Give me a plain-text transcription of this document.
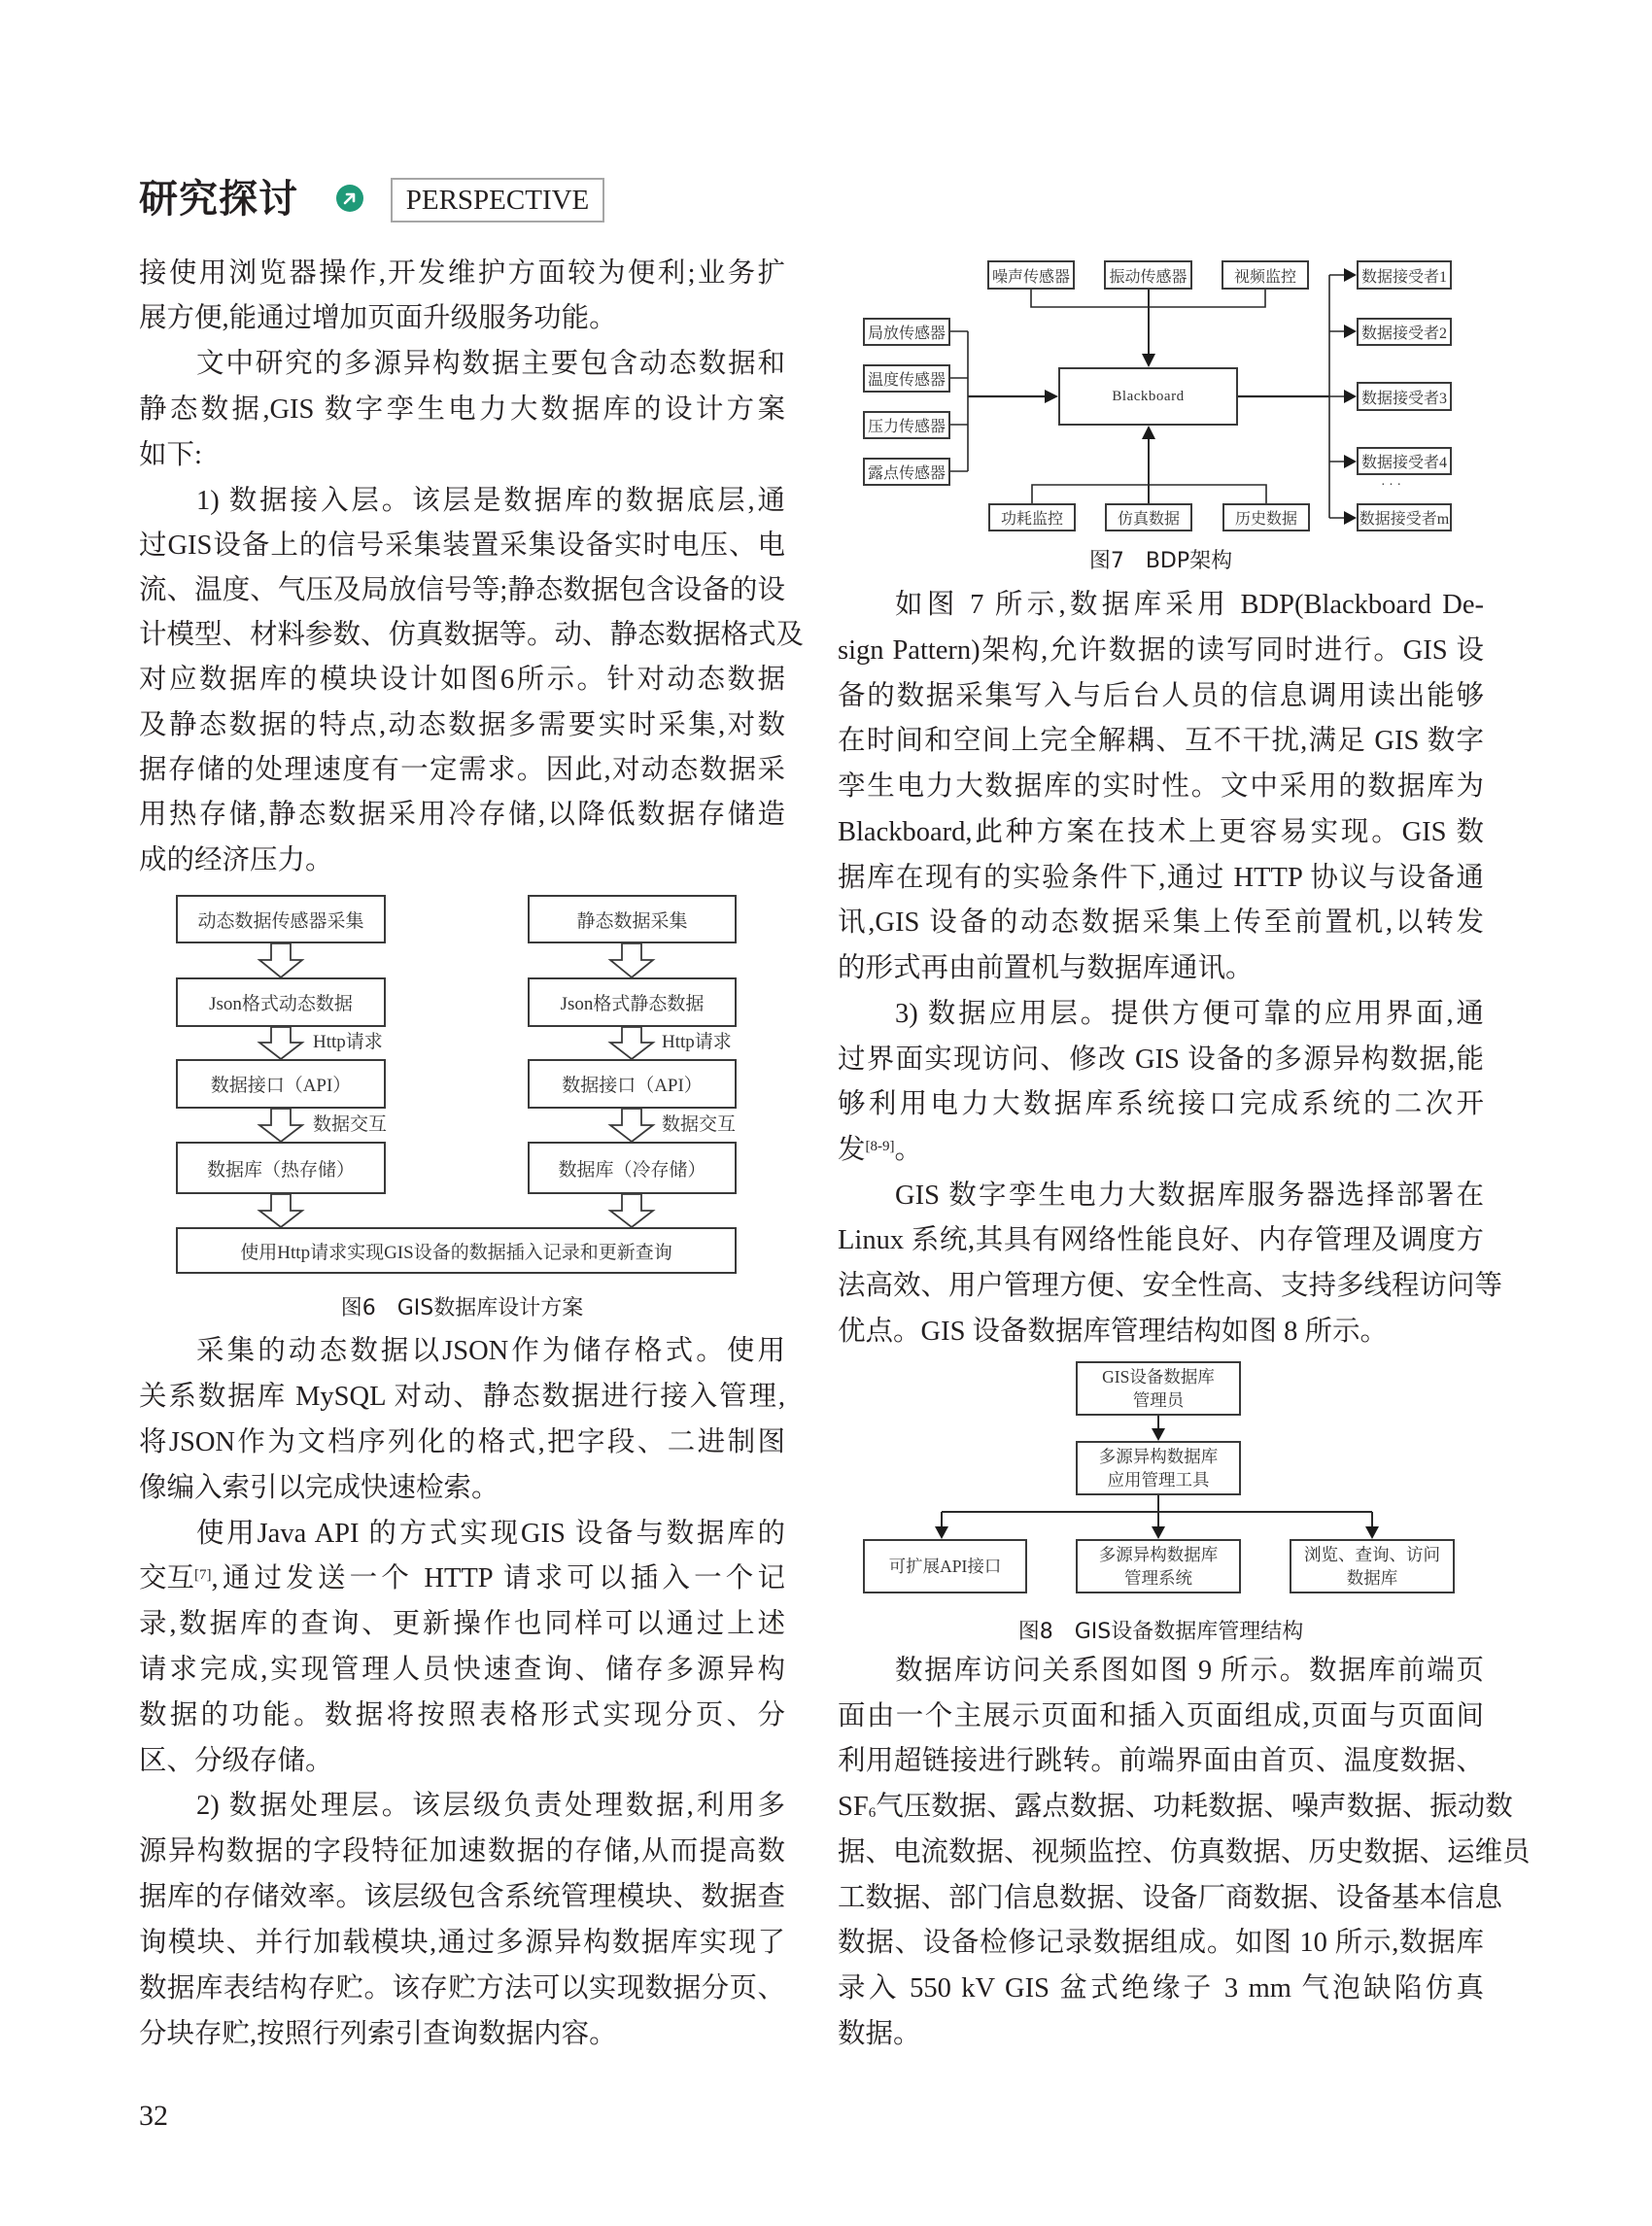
研究探讨	PERSPECTIVE
接使用浏览器操作,开发维护方面较为便利;业务扩
展方便,能通过增加页面升级服务功能。
文中研究的多源异构数据主要包含动态数据和
静态数据,GIS 数字孪生电力大数据库的设计方案
如下:
1) 数据接入层。该层是数据库的数据底层,通
过GIS设备上的信号采集装置采集设备实时电压、电
流、温度、气压及局放信号等;静态数据包含设备的设
计模型、材料参数、仿真数据等。动、静态数据格式及
对应数据库的模块设计如图6所示。针对动态数据
及静态数据的特点,动态数据多需要实时采集,对数
据存储的处理速度有一定需求。因此,对动态数据采
用热存储,静态数据采用冷存储,以降低数据存储造
成的经济压力。
动态数据传感器采集
Json格式动态数据
数据接口（API）
数据库（热存储）
静态数据采集
Json格式静态数据
数据接口（API）
数据库（冷存储）
使用Http请求实现GIS设备的数据插入记录和更新查询
Http请求
数据交互
Http请求
数据交互
图6　GIS数据库设计方案
采集的动态数据以JSON作为储存格式。使用
关系数据库 MySQL 对动、静态数据进行接入管理,
将JSON作为文档序列化的格式,把字段、二进制图
像编入索引以完成快速检索。
使用Java API 的方式实现GIS 设备与数据库的
交互[7] ,通过发送一个 HTTP 请求可以插入一个记
录,数据库的查询、更新操作也同样可以通过上述
请求完成,实现管理人员快速查询、储存多源异构
数据的功能。数据将按照表格形式实现分页、分
区、分级存储。
2) 数据处理层。该层级负责处理数据,利用多
源异构数据的字段特征加速数据的存储,从而提高数
据库的存储效率。该层级包含系统管理模块、数据查
询模块、并行加载模块,通过多源异构数据库实现了
数据库表结构存贮。该存贮方法可以实现数据分页、
分块存贮,按照行列索引查询数据内容。
噪声传感器	振动传感器	视频监控
局放传感器
温度传感器
压力传感器
露点传感器
Blackboard
功耗监控	仿真数据	历史数据
数据接受者1
数据接受者2
数据接受者3
数据接受者4
· · ·
数据接受者m
图7　BDP架构
如图 7 所示,数据库采用 BDP(Blackboard De-
sign Pattern)架构,允许数据的读写同时进行。GIS 设
备的数据采集写入与后台人员的信息调用读出能够
在时间和空间上完全解耦、互不干扰,满足 GIS 数字
孪生电力大数据库的实时性。文中采用的数据库为
Blackboard,此种方案在技术上更容易实现。GIS 数
据库在现有的实验条件下,通过 HTTP 协议与设备通
讯,GIS 设备的动态数据采集上传至前置机,以转发
的形式再由前置机与数据库通讯。
3) 数据应用层。提供方便可靠的应用界面,通
过界面实现访问、修改 GIS 设备的多源异构数据,能
够利用电力大数据库系统接口完成系统的二次开
发[8-9]。
GIS 数字孪生电力大数据库服务器选择部署在
Linux 系统,其具有网络性能良好、内存管理及调度方
法高效、用户管理方便、安全性高、支持多线程访问等
优点。GIS 设备数据库管理结构如图 8 所示。
GIS设备数据库
管理员
多源异构数据库
应用管理工具
可扩展API接口
多源异构数据库
管理系统
浏览、查询、访问
数据库
图8　GIS设备数据库管理结构
数据库访问关系图如图 9 所示。数据库前端页
面由一个主展示页面和插入页面组成,页面与页面间
利用超链接进行跳转。前端界面由首页、温度数据、
$SF_6$ 气压数据、露点数据、功耗数据、噪声数据、振动数
据、电流数据、视频监控、仿真数据、历史数据、运维员
工数据、部门信息数据、设备厂商数据、设备基本信息
数据、设备检修记录数据组成。如图 10 所示,数据库
录入 550 kV GIS 盆式绝缘子 3 mm 气泡缺陷仿真
数据。
32
